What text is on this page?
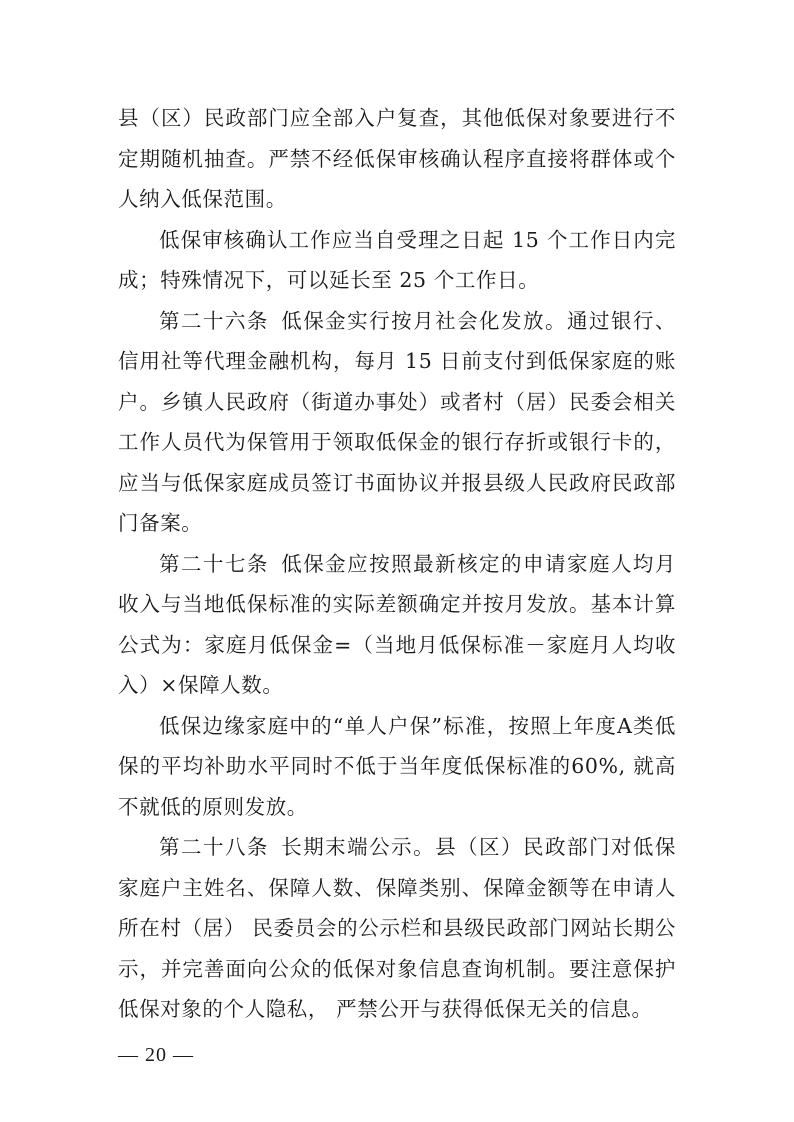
县（区）民政部门应全部入户复查，其他低保对象要进行不定期随机抽查。严禁不经低保审核确认程序直接将群体或个人纳入低保范围。

低保审核确认工作应当自受理之日起 15 个工作日内完成；特殊情况下，可以延长至 25 个工作日。

第二十六条 低保金实行按月社会化发放。通过银行、信用社等代理金融机构，每月 15 日前支付到低保家庭的账户。乡镇人民政府（街道办事处）或者村（居）民委会相关工作人员代为保管用于领取低保金的银行存折或银行卡的，应当与低保家庭成员签订书面协议并报县级人民政府民政部门备案。

第二十七条 低保金应按照最新核定的申请家庭人均月收入与当地低保标准的实际差额确定并按月发放。基本计算公式为：家庭月低保金=（当地月低保标准－家庭月人均收入）×保障人数。

低保边缘家庭中的“单人户保”标准，按照上年度A类低保的平均补助水平同时不低于当年度低保标准的60%, 就高不就低的原则发放。

第二十八条 长期末端公示。县（区）民政部门对低保家庭户主姓名、保障人数、保障类别、保障金额等在申请人所在村（居） 民委员会的公示栏和县级民政部门网站长期公示，并完善面向公众的低保对象信息查询机制。要注意保护低保对象的个人隐私， 严禁公开与获得低保无关的信息。

— 20 —
